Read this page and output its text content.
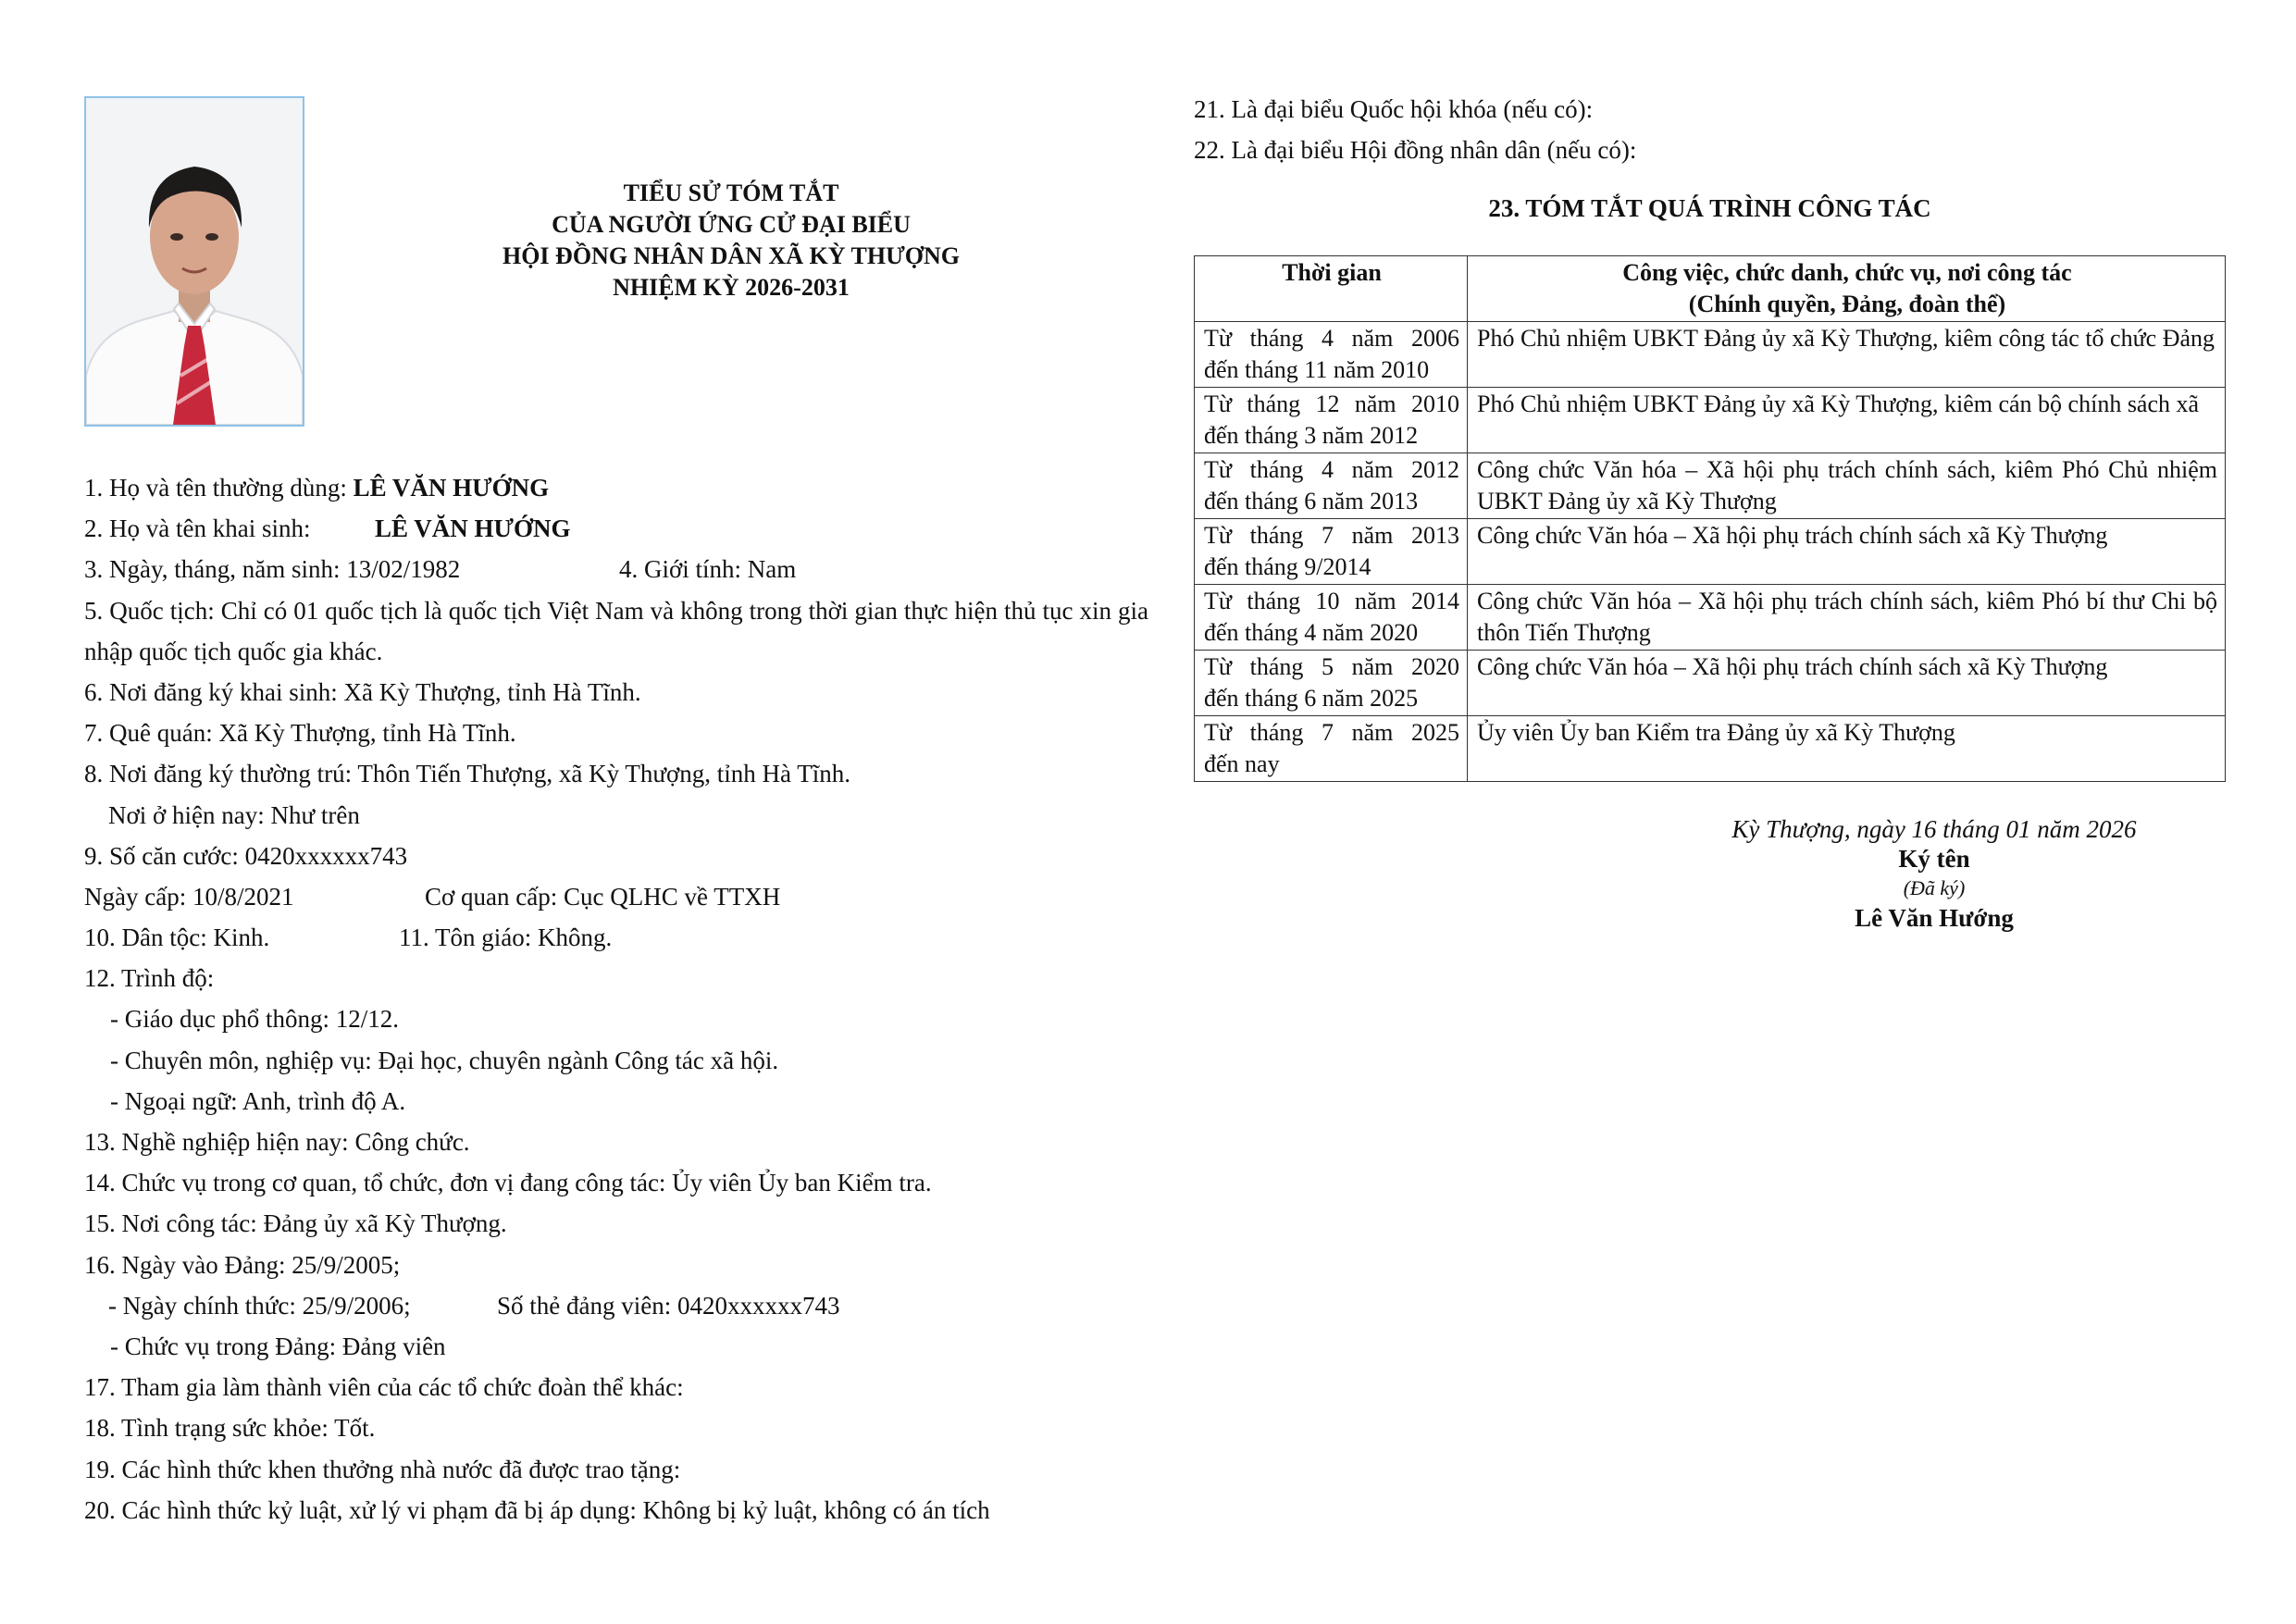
TIỂU SỬ TÓM TẮT
CỦA NGƯỜI ỨNG CỬ ĐẠI BIỂU
HỘI ĐỒNG NHÂN DÂN XÃ KỲ THƯỢNG
NHIỆM KỲ 2026-2031
1. Họ và tên thường dùng: LÊ VĂN HƯỚNG
2. Họ và tên khai sinh:	LÊ VĂN HƯỚNG
3. Ngày, tháng, năm sinh: 13/02/1982	4. Giới tính: Nam
5. Quốc tịch: Chỉ có 01 quốc tịch là quốc tịch Việt Nam và không trong thời gian thực hiện thủ tục xin gia nhập quốc tịch quốc gia khác.
6. Nơi đăng ký khai sinh: Xã Kỳ Thượng, tỉnh Hà Tĩnh.
7. Quê quán: Xã Kỳ Thượng, tỉnh Hà Tĩnh.
8. Nơi đăng ký thường trú: Thôn Tiến Thượng, xã Kỳ Thượng, tỉnh Hà Tĩnh.
Nơi ở hiện nay: Như trên
9. Số căn cước: 0420xxxxxx743
Ngày cấp: 10/8/2021	Cơ quan cấp: Cục QLHC về TTXH
10. Dân tộc: Kinh.	11. Tôn giáo: Không.
12. Trình độ:
- Giáo dục phổ thông: 12/12.
- Chuyên môn, nghiệp vụ: Đại học, chuyên ngành Công tác xã hội.
- Ngoại ngữ: Anh, trình độ A.
13. Nghề nghiệp hiện nay: Công chức.
14. Chức vụ trong cơ quan, tổ chức, đơn vị đang công tác: Ủy viên Ủy ban Kiểm tra.
15. Nơi công tác: Đảng ủy xã Kỳ Thượng.
16. Ngày vào Đảng: 25/9/2005;
- Ngày chính thức: 25/9/2006;	Số thẻ đảng viên: 0420xxxxxx743
- Chức vụ trong Đảng: Đảng viên
17. Tham gia làm thành viên của các tổ chức đoàn thể khác:
18. Tình trạng sức khỏe: Tốt.
19. Các hình thức khen thưởng nhà nước đã được trao tặng:
20. Các hình thức kỷ luật, xử lý vi phạm đã bị áp dụng: Không bị kỷ luật, không có án tích
21. Là đại biểu Quốc hội khóa (nếu có):
22. Là đại biểu Hội đồng nhân dân (nếu có):
23. TÓM TẮT QUÁ TRÌNH CÔNG TÁC
Thời gian	Công việc, chức danh, chức vụ, nơi công tác
(Chính quyền, Đảng, đoàn thể)

Từ tháng 4 năm 2006
đến tháng 11 năm 2010	Phó Chủ nhiệm UBKT Đảng ủy xã Kỳ Thượng, kiêm công tác tổ chức Đảng

Từ tháng 12 năm 2010
đến tháng 3 năm 2012	Phó Chủ nhiệm UBKT Đảng ủy xã Kỳ Thượng, kiêm cán bộ chính sách xã

Từ tháng 4 năm 2012
đến tháng 6 năm 2013	Công chức Văn hóa – Xã hội phụ trách chính sách, kiêm Phó Chủ nhiệm UBKT Đảng ủy xã Kỳ Thượng

Từ tháng 7 năm 2013
đến tháng 9/2014	Công chức Văn hóa – Xã hội phụ trách chính sách xã Kỳ Thượng

Từ tháng 10 năm 2014
đến tháng 4 năm 2020	Công chức Văn hóa – Xã hội phụ trách chính sách, kiêm Phó bí thư Chi bộ thôn Tiến Thượng

Từ tháng 5 năm 2020
đến tháng 6 năm 2025	Công chức Văn hóa – Xã hội phụ trách chính sách xã Kỳ Thượng

Từ tháng 7 năm 2025
đến nay	Ủy viên Ủy ban Kiểm tra Đảng ủy xã Kỳ Thượng
Kỳ Thượng, ngày 16 tháng 01 năm 2026
Ký tên
(Đã ký)
Lê Văn Hướng
